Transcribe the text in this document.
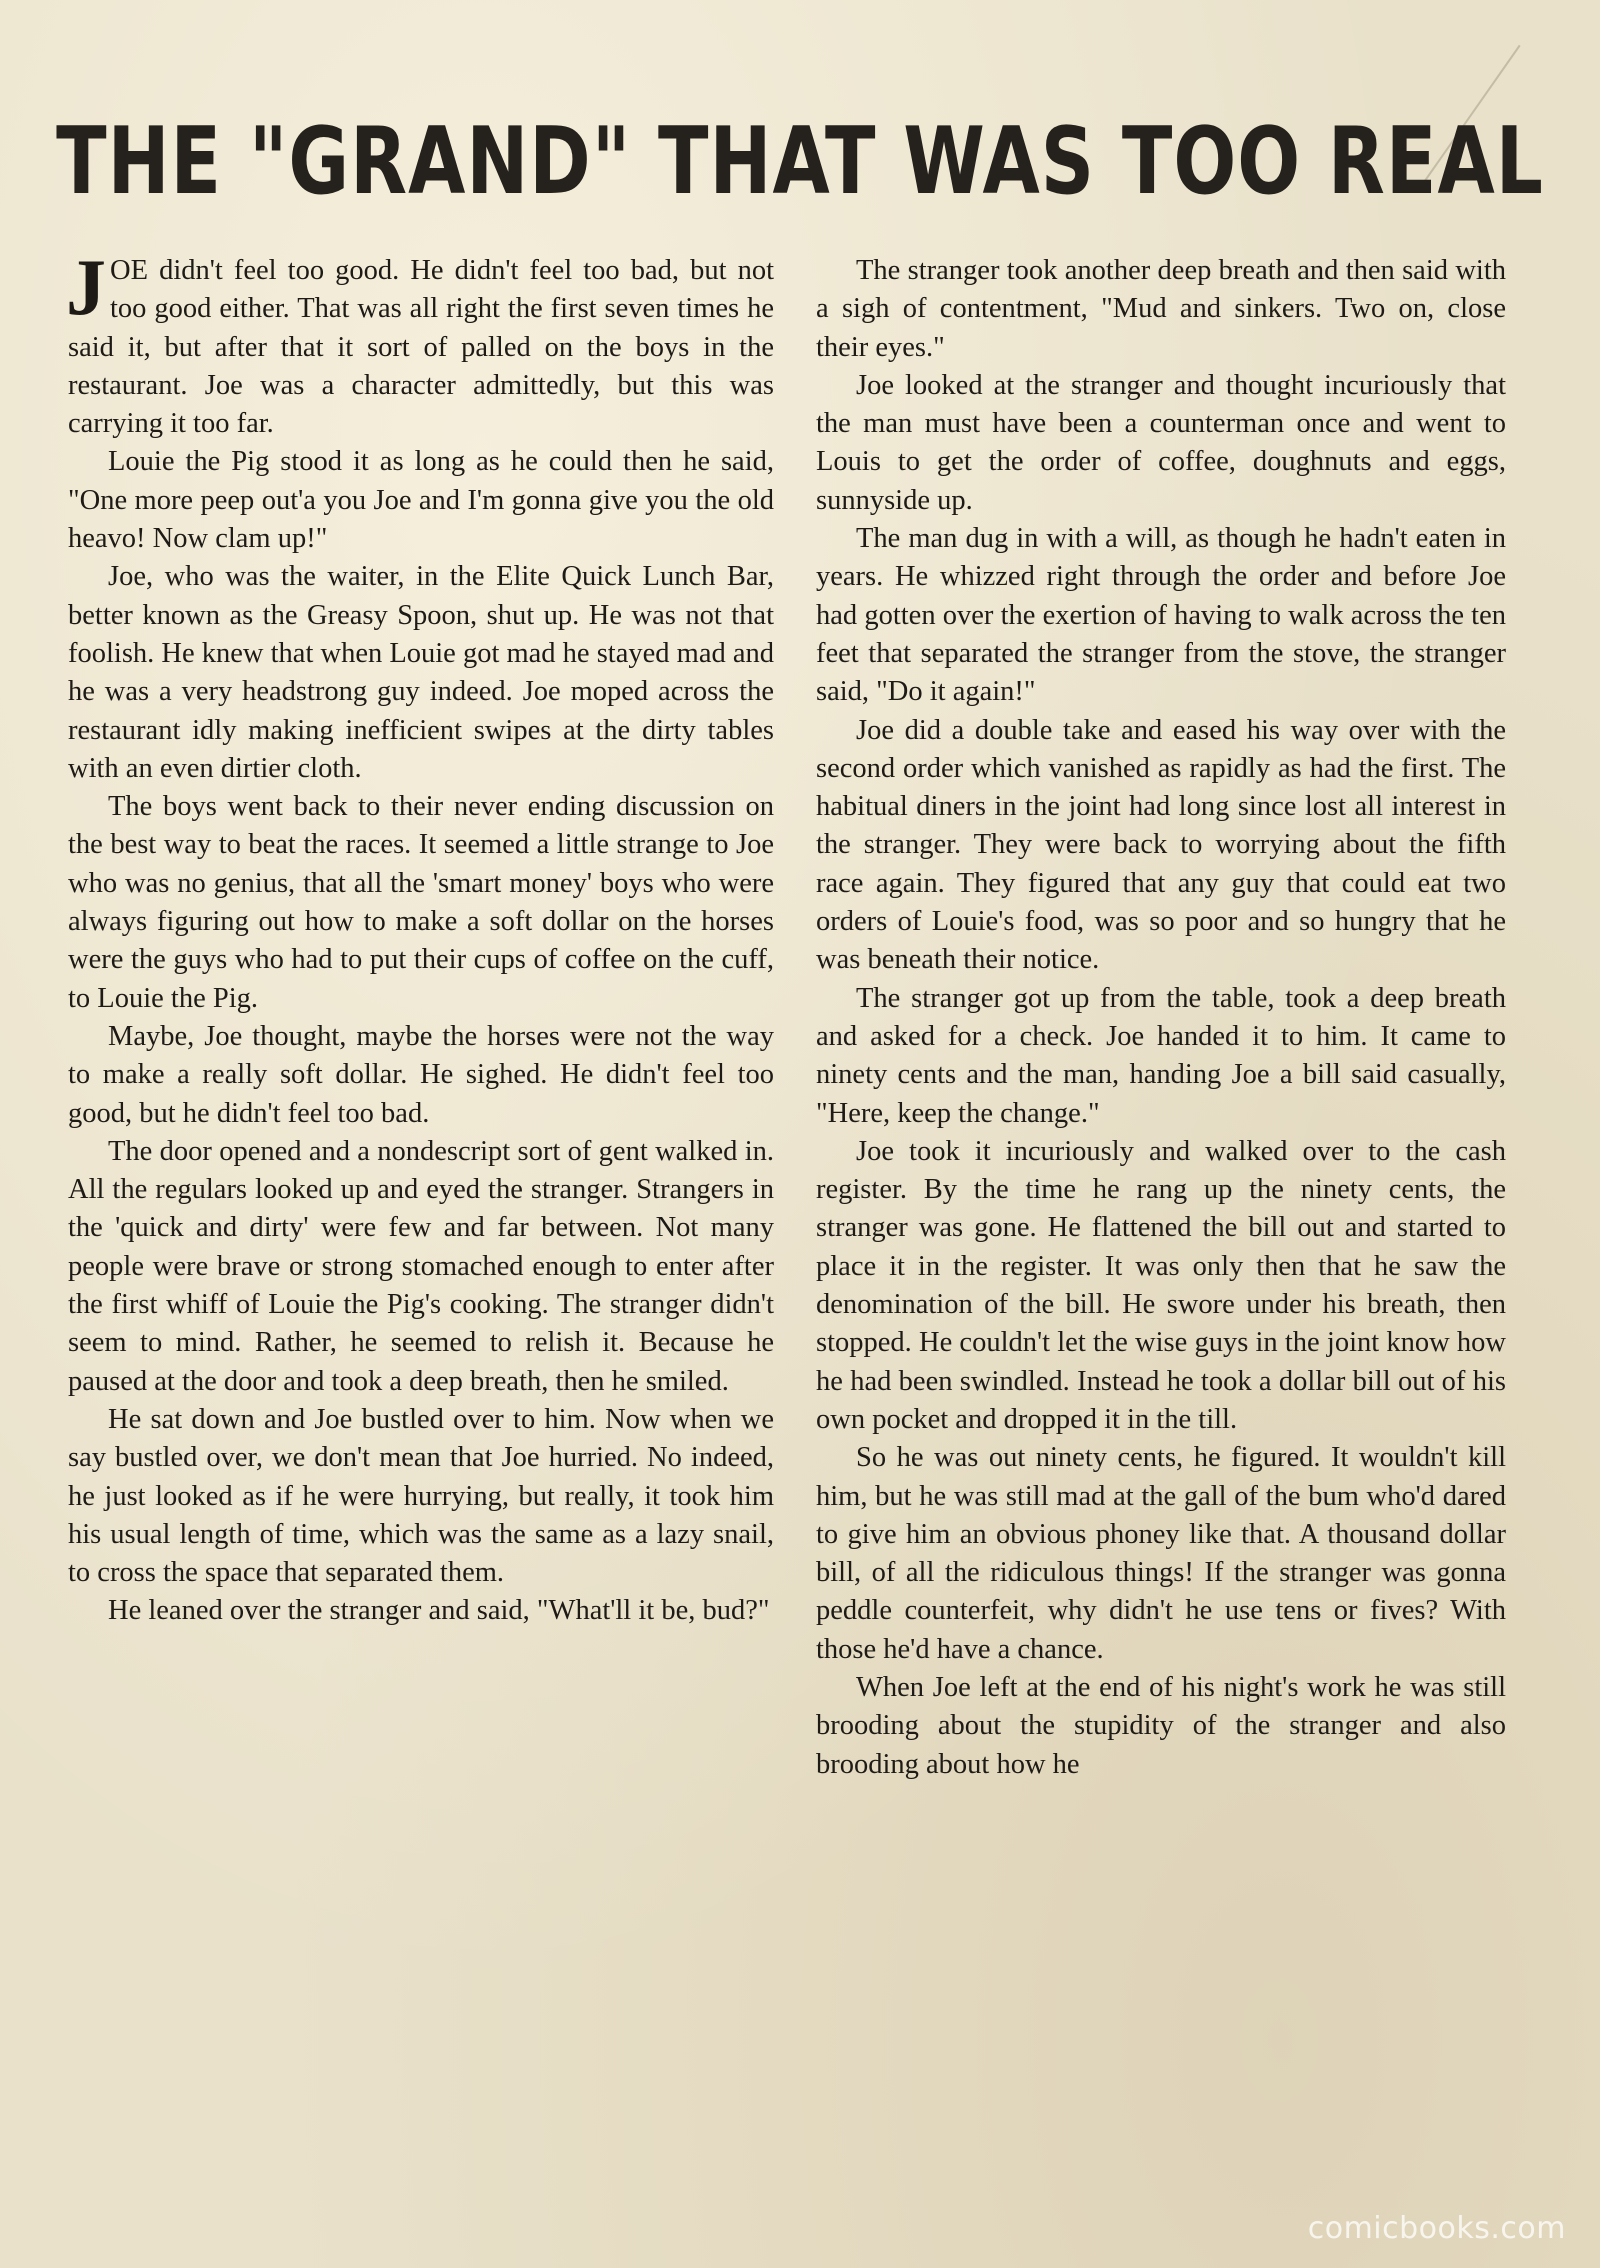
THE "GRAND" THAT WAS TOO REAL

JOE didn't feel too good. He didn't feel too bad, but not too good either. That was all right the first seven times he said it, but after that it sort of palled on the boys in the restaurant. Joe was a character admittedly, but this was carrying it too far.

Louie the Pig stood it as long as he could then he said, "One more peep out'a you Joe and I'm gonna give you the old heavo! Now clam up!"

Joe, who was the waiter, in the Elite Quick Lunch Bar, better known as the Greasy Spoon, shut up. He was not that foolish. He knew that when Louie got mad he stayed mad and he was a very headstrong guy indeed. Joe moped across the restaurant idly making inefficient swipes at the dirty tables with an even dirtier cloth.

The boys went back to their never ending discussion on the best way to beat the races. It seemed a little strange to Joe who was no genius, that all the 'smart money' boys who were always figuring out how to make a soft dollar on the horses were the guys who had to put their cups of coffee on the cuff, to Louie the Pig.

Maybe, Joe thought, maybe the horses were not the way to make a really soft dollar. He sighed. He didn't feel too good, but he didn't feel too bad.

The door opened and a nondescript sort of gent walked in. All the regulars looked up and eyed the stranger. Strangers in the 'quick and dirty' were few and far between. Not many people were brave or strong stomached enough to enter after the first whiff of Louie the Pig's cooking. The stranger didn't seem to mind. Rather, he seemed to relish it. Because he paused at the door and took a deep breath, then he smiled.

He sat down and Joe bustled over to him. Now when we say bustled over, we don't mean that Joe hurried. No indeed, he just looked as if he were hurrying, but really, it took him his usual length of time, which was the same as a lazy snail, to cross the space that separated them.

He leaned over the stranger and said, "What'll it be, bud?"

The stranger took another deep breath and then said with a sigh of contentment, "Mud and sinkers. Two on, close their eyes."

Joe looked at the stranger and thought incuriously that the man must have been a counterman once and went to Louis to get the order of coffee, doughnuts and eggs, sunnyside up.

The man dug in with a will, as though he hadn't eaten in years. He whizzed right through the order and before Joe had gotten over the exertion of having to walk across the ten feet that separated the stranger from the stove, the stranger said, "Do it again!"

Joe did a double take and eased his way over with the second order which vanished as rapidly as had the first. The habitual diners in the joint had long since lost all interest in the stranger. They were back to worrying about the fifth race again. They figured that any guy that could eat two orders of Louie's food, was so poor and so hungry that he was beneath their notice.

The stranger got up from the table, took a deep breath and asked for a check. Joe handed it to him. It came to ninety cents and the man, handing Joe a bill said casually, "Here, keep the change."

Joe took it incuriously and walked over to the cash register. By the time he rang up the ninety cents, the stranger was gone. He flattened the bill out and started to place it in the register. It was only then that he saw the denomination of the bill. He swore under his breath, then stopped. He couldn't let the wise guys in the joint know how he had been swindled. Instead he took a dollar bill out of his own pocket and dropped it in the till.

So he was out ninety cents, he figured. It wouldn't kill him, but he was still mad at the gall of the bum who'd dared to give him an obvious phoney like that. A thousand dollar bill, of all the ridiculous things! If the stranger was gonna peddle counterfeit, why didn't he use tens or fives? With those he'd have a chance.

When Joe left at the end of his night's work he was still brooding about the stupidity of the stranger and also brooding about how he

comicbooks.com
